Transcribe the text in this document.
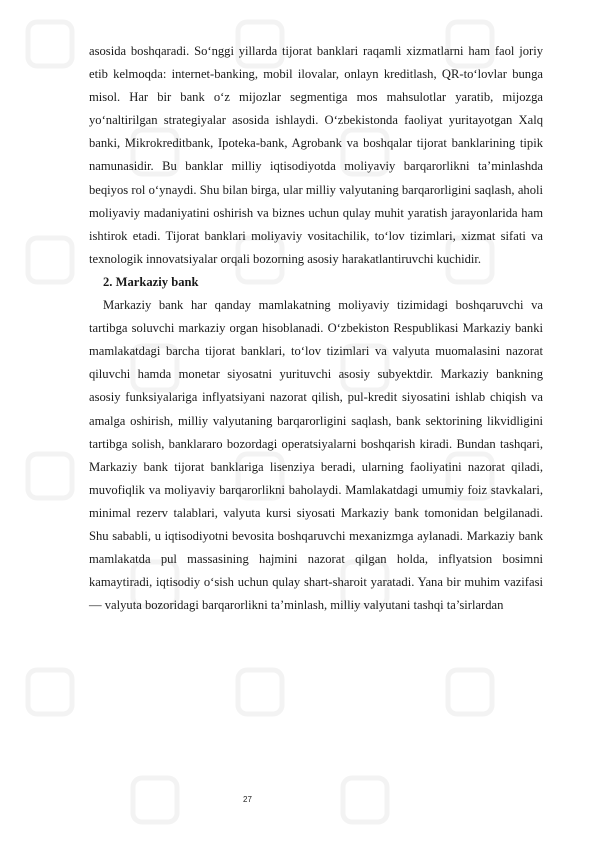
asosida boshqaradi. So‘nggi yillarda tijorat banklari raqamli xizmatlarni ham faol joriy etib kelmoqda: internet-banking, mobil ilovalar, onlayn kreditlash, QR-to‘lovlar bunga misol. Har bir bank o‘z mijozlar segmentiga mos mahsulotlar yaratib, mijozga yo‘naltirilgan strategiyalar asosida ishlaydi. O‘zbekistonda faoliyat yuritayotgan Xalq banki, Mikrokreditbank, Ipoteka-bank, Agrobank va boshqalar tijorat banklarining tipik namunasidir. Bu banklar milliy iqtisodiyotda moliyaviy barqarorlikni ta’minlashda beqiyos rol o‘ynaydi. Shu bilan birga, ular milliy valyutaning barqarorligini saqlash, aholi moliyaviy madaniyatini oshirish va biznes uchun qulay muhit yaratish jarayonlarida ham ishtirok etadi. Tijorat banklari moliyaviy vositachilik, to‘lov tizimlari, xizmat sifati va texnologik innovatsiyalar orqali bozorning asosiy harakatlantiruvchi kuchidir.

2. Markaziy bank

Markaziy bank har qanday mamlakatning moliyaviy tizimidagi boshqaruvchi va tartibga soluvchi markaziy organ hisoblanadi. O‘zbekiston Respublikasi Markaziy banki mamlakatdagi barcha tijorat banklari, to‘lov tizimlari va valyuta muomalasini nazorat qiluvchi hamda monetar siyosatni yurituvchi asosiy subyektdir. Markaziy bankning asosiy funksiyalariga inflyatsiyani nazorat qilish, pul-kredit siyosatini ishlab chiqish va amalga oshirish, milliy valyutaning barqarorligini saqlash, bank sektorining likvidligini tartibga solish, banklararo bozordagi operatsiyalarni boshqarish kiradi. Bundan tashqari, Markaziy bank tijorat banklariga lisenziya beradi, ularning faoliyatini nazorat qiladi, muvofiqlik va moliyaviy barqarorlikni baholaydi. Mamlakatdagi umumiy foiz stavkalari, minimal rezerv talablari, valyuta kursi siyosati Markaziy bank tomonidan belgilanadi. Shu sababli, u iqtisodiyotni bevosita boshqaruvchi mexanizmga aylanadi. Markaziy bank mamlakatda pul massasining hajmini nazorat qilgan holda, inflyatsion bosimni kamaytiradi, iqtisodiy o‘sish uchun qulay shart-sharoit yaratadi. Yana bir muhim vazifasi — valyuta bozoridagi barqarorlikni ta’minlash, milliy valyutani tashqi ta’sirlardan

27
